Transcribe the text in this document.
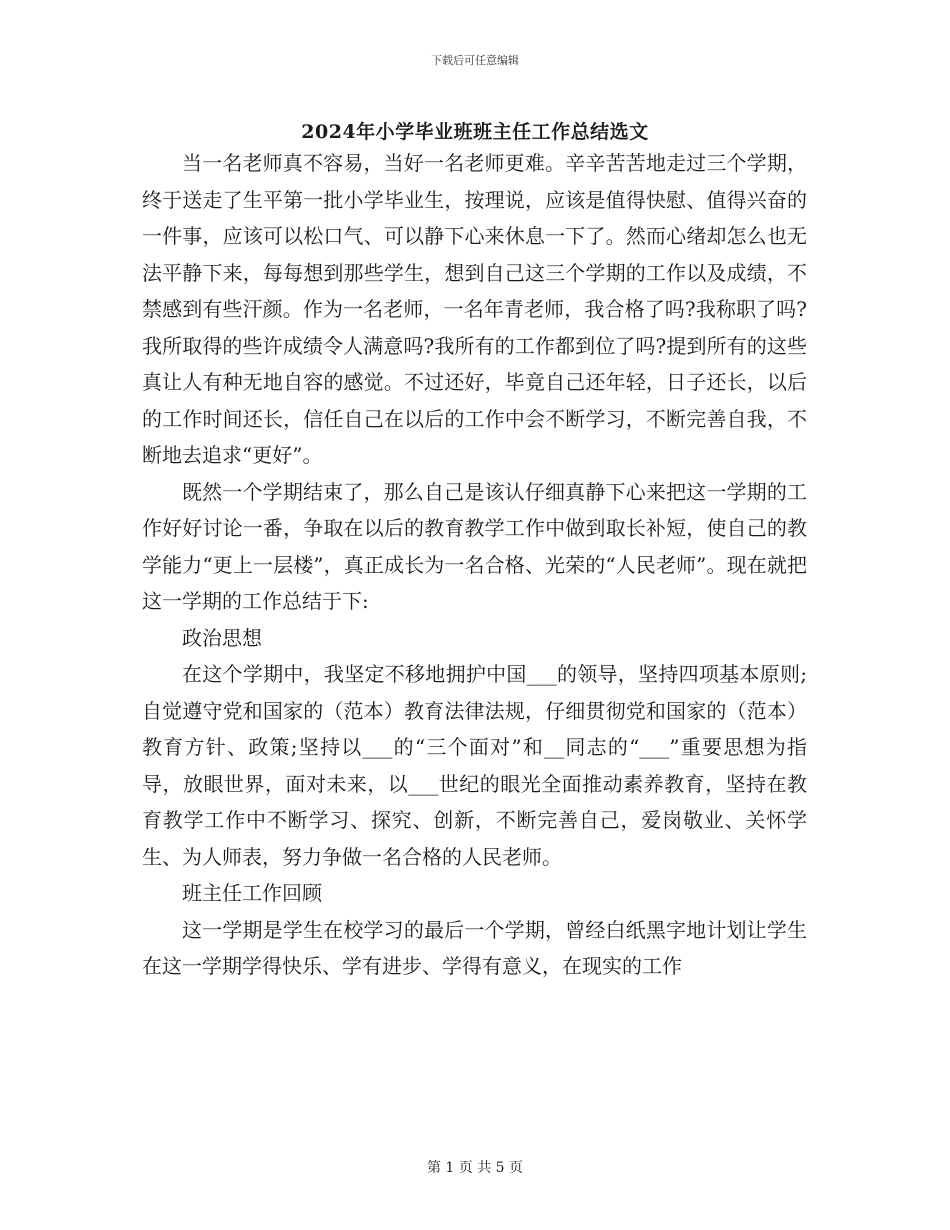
下载后可任意编辑
2024年小学毕业班班主任工作总结选文

当一名老师真不容易，当好一名老师更难。辛辛苦苦地走过三个学期，终于送走了生平第一批小学毕业生，按理说，应该是值得快慰、值得兴奋的一件事，应该可以松口气、可以静下心来休息一下了。然而心绪却怎么也无法平静下来，每每想到那些学生，想到自己这三个学期的工作以及成绩，不禁感到有些汗颜。作为一名老师，一名年青老师，我合格了吗?我称职了吗?我所取得的些许成绩令人满意吗?我所有的工作都到位了吗?提到所有的这些真让人有种无地自容的感觉。不过还好，毕竟自己还年轻，日子还长，以后的工作时间还长，信任自己在以后的工作中会不断学习，不断完善自我，不断地去追求“更好”。

既然一个学期结束了，那么自己是该认仔细真静下心来把这一学期的工作好好讨论一番，争取在以后的教育教学工作中做到取长补短，使自己的教学能力“更上一层楼”，真正成长为一名合格、光荣的“人民老师”。现在就把这一学期的工作总结于下:

政治思想

在这个学期中，我坚定不移地拥护中国___的领导，坚持四项基本原则;自觉遵守党和国家的（范本）教育法律法规，仔细贯彻党和国家的（范本）教育方针、政策;坚持以___的“三个面对”和__同志的“___”重要思想为指导，放眼世界，面对未来，以___世纪的眼光全面推动素养教育，坚持在教育教学工作中不断学习、探究、创新，不断完善自己，爱岗敬业、关怀学生、为人师表，努力争做一名合格的人民老师。

班主任工作回顾

这一学期是学生在校学习的最后一个学期，曾经白纸黑字地计划让学生在这一学期学得快乐、学有进步、学得有意义，在现实的工作

第 1 页 共 5 页
